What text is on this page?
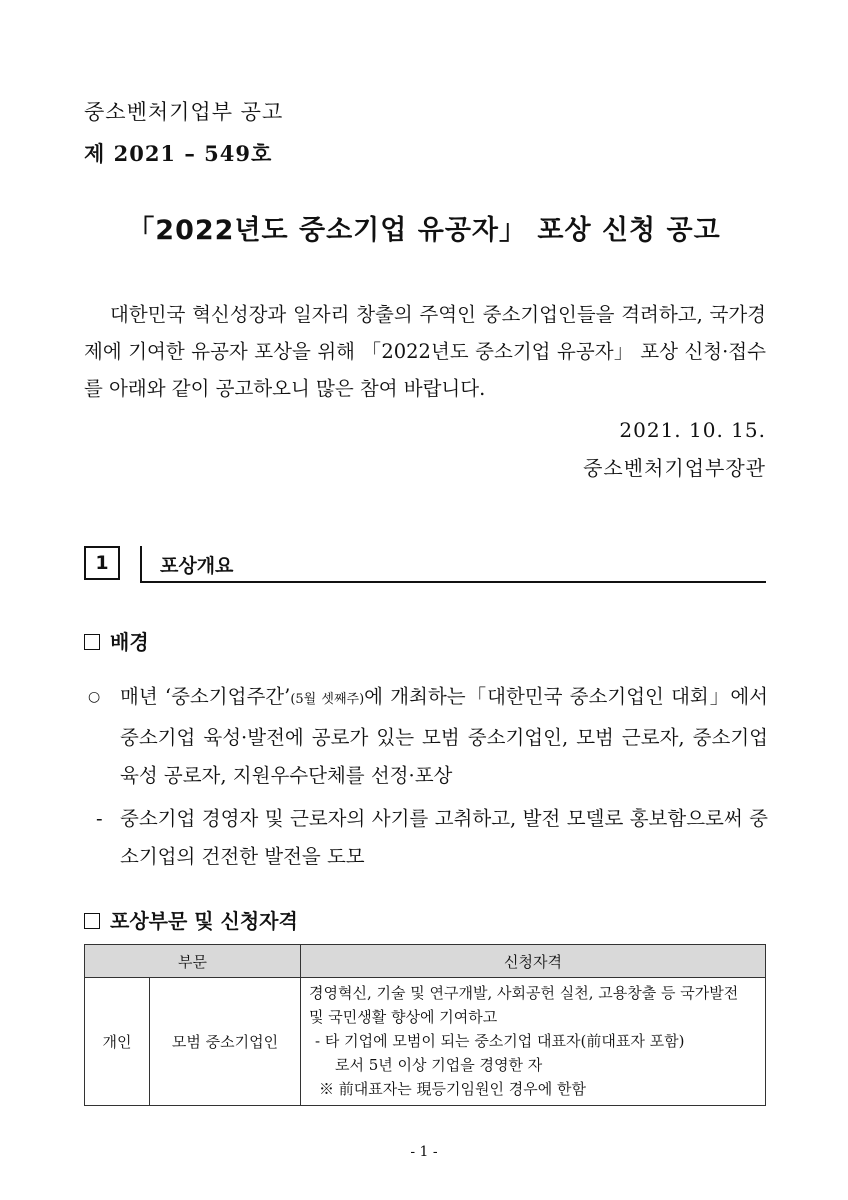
중소벤처기업부 공고
제 2021 – 549호
「2022년도 중소기업 유공자」 포상 신청 공고

대한민국 혁신성장과 일자리 창출의 주역인 중소기업인들을 격려하고, 국가경제에 기여한 유공자 포상을 위해 「2022년도 중소기업 유공자」 포상 신청·접수를 아래와 같이 공고하오니 많은 참여 바랍니다.

2021. 10. 15.
중소벤처기업부장관
1	포상개요
배경
○ 매년 ‘중소기업주간’(5월 셋째주)에 개최하는「대한민국 중소기업인 대회」에서 중소기업 육성·발전에 공로가 있는 모범 중소기업인, 모범 근로자, 중소기업 육성 공로자, 지원우수단체를 선정·포상
- 중소기업 경영자 및 근로자의 사기를 고취하고, 발전 모델로 홍보함으로써 중소기업의 건전한 발전을 도모
포상부문 및 신청자격
부문		신청자격
개인	모범 중소기업인	경영혁신, 기술 및 연구개발, 사회공헌 실천, 고용창출 등 국가발전 및 국민생활 향상에 기여하고
- 타 기업에 모범이 되는 중소기업 대표자(前대표자 포함)
로서 5년 이상 기업을 경영한 자
※ 前대표자는 現등기임원인 경우에 한함
- 1 -
